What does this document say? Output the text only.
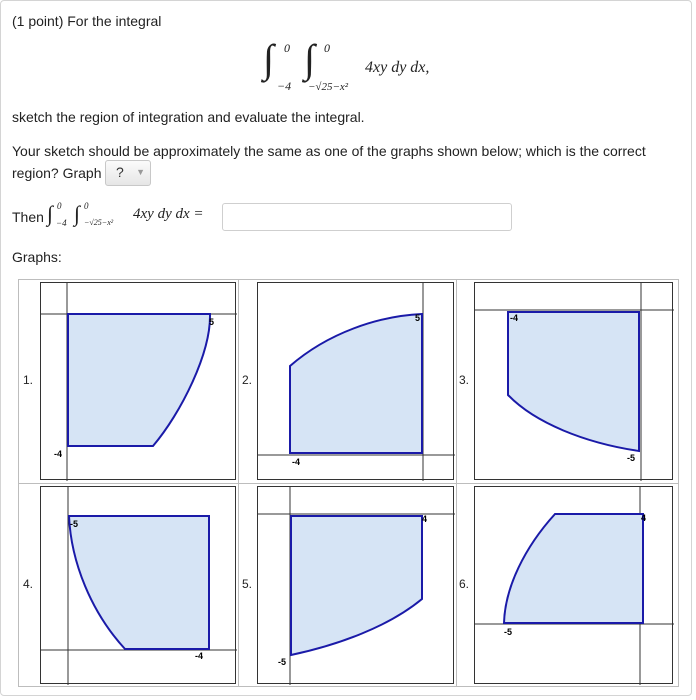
(1 point) For the integral
∫ 0
−4
∫ 0
−√25−x²
4xy dy dx,
sketch the region of integration and evaluate the integral.
Your sketch should be approximately the same as one of the graphs shown below; which is the correct
region? Graph ? ▼
Then ∫ 0
−4 ∫ 0
−√25−x²
4xy dy dx =
Graphs:
1.
5
-4
2.
5
-4
3.
-4
-5
4.
-5
-4
5.
4
-5
6.
4
-5
